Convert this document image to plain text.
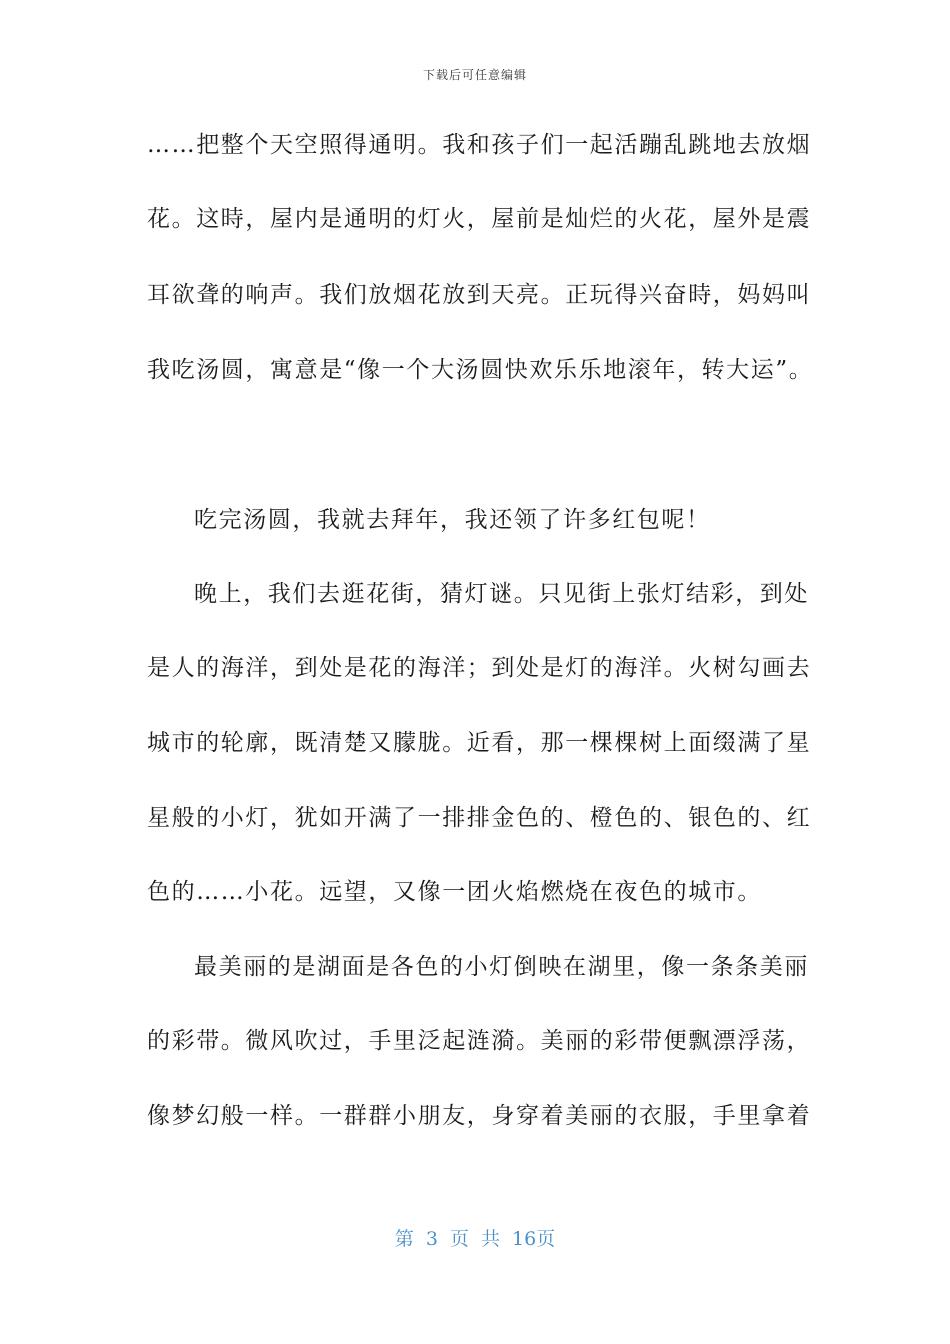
下载后可任意编辑
……把整个天空照得通明。我和孩子们一起活蹦乱跳地去放烟
花。这時，屋内是通明的灯火，屋前是灿烂的火花，屋外是震
耳欲聋的响声。我们放烟花放到天亮。正玩得兴奋時，妈妈叫
我吃汤圆，寓意是“像一个大汤圆快欢乐乐地滚年，转大运”。
吃完汤圆，我就去拜年，我还领了许多红包呢！
晚上，我们去逛花街，猜灯谜。只见街上张灯结彩，到处
是人的海洋，到处是花的海洋；到处是灯的海洋。火树勾画去
城市的轮廓，既清楚又朦胧。近看，那一棵棵树上面缀满了星
星般的小灯，犹如开满了一排排金色的、橙色的、银色的、红
色的……小花。远望，又像一团火焰燃烧在夜色的城市。
最美丽的是湖面是各色的小灯倒映在湖里，像一条条美丽
的彩带。微风吹过，手里泛起涟漪。美丽的彩带便飘漂浮荡，
像梦幻般一样。一群群小朋友，身穿着美丽的衣服，手里拿着
第 3 页 共 16页
